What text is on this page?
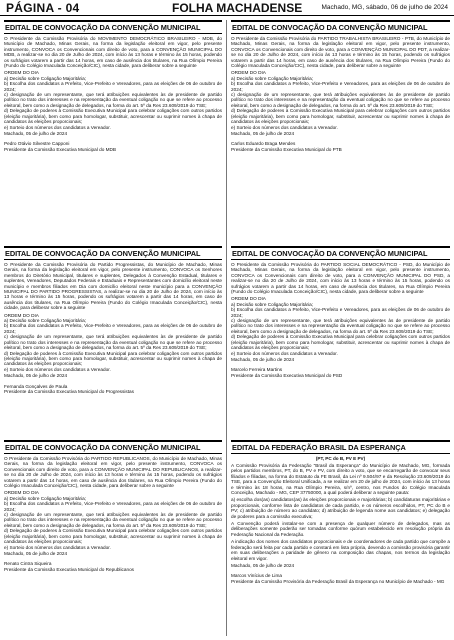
PÁGINA - 04	FOLHA MACHADENSE	Machado, MG, sábado, 06 de julho de 2024
EDITAL DE CONVOCAÇÃO DA CONVENÇÃO MUNICIPAL

O Presidente da Comissão Provisória do MOVIMENTO DEMOCRÁTICO BRASILEIRO - MDB, do Município de Machado, Minas Gerais, na forma da legislação eleitoral em vigor, pelo presente instrumento, CONVOCA os Convencionais com direito de voto, para a CONVENÇÃO MUNICIPAL DO MDB, a realizar-se no dia 20 de Julho de 2024, com início às 13 horas e término às 15 horas, podendo os sufrágios votarem a partir das 14 horas, em caso de ausência dos titulares, na Rua Olímpio Pereira (Fundo do Colégio Imaculada Conceição/CIC), nesta cidade, para deliberar sobre a seguinte

ORDEM DO DIA

a) Decisão sobre Coligação Majoritária;

b) Escolha dos candidatos a Prefeito, Vice-Prefeito e Vereadores, para as eleições de 06 de outubro de 2024;

c) designação de um representante, que terá atribuições equivalentes às de presidente de partido político no trato dos interesses e na representação da eventual coligação no que se refere ao processo eleitoral, bem como a designação de delegados, na forma do art. 5º da Res 23.609/2019 do TSE;

d) Delegação de poderes à Comissão Executiva Municipal para celebrar coligações com outros partidos (eleição majoritária), bem como para homologar, substituir, acrescentar ou suprimir nomes à chapa de candidatos às eleições proporcionais;

e) Sorteio dos números dos candidatos a Vereador.

Machado, 05 de julho de 2024

Pedro Otávio Silvestre Capponi

Presidente da Comissão Executiva Municipal do MDB

EDITAL DE CONVOCAÇÃO DA CONVENÇÃO MUNICIPAL

O Presidente da Comissão Provisória do PARTIDO TRABALHISTA BRASILEIRO - PTB, do Município de Machado, Minas Gerais, na forma da legislação eleitoral em vigor, pelo presente instrumento, CONVOCA os Convencionais com direito de voto, para a CONVENÇÃO MUNICIPAL DO PDT, a realizar-se no dia 20 de Julho de 2024, com início às 13 horas e término às 15 horas, podendo os sufrágios votarem a partir das 14 horas, em caso de ausência dos titulares, na Rua Olímpio Pereira (Fundo do Colégio Imaculada Conceição/CIC), nesta cidade, para deliberar sobre a seguinte

ORDEM DO DIA

a) Decisão sobre Coligação Majoritária;

b) Escolha dos candidatos a Prefeito, Vice-Prefeito e Vereadores, para as eleições de 06 de outubro de 2024;

c) designação de um representante, que terá atribuições equivalentes às de presidente de partido político no trato dos interesses e na representação da eventual coligação no que se refere ao processo eleitoral, bem como a designação de delegados, na forma do art. 5º da Res 23.609/2019 do TSE;

d) Delegação de poderes à Comissão Executiva Municipal para celebrar coligações com outros partidos (eleição majoritária), bem como para homologar, substituir, acrescentar ou suprimir nomes à chapa de candidatos às eleições proporcionais;

e) Sorteio dos números dos candidatos a Vereador.

Machado, 05 de julho de 2024

Carlos Eduardo Braga Mendes

Presidente da Comissão Executiva Municipal do PTB

EDITAL DE CONVOCAÇÃO DA CONVENÇÃO MUNICIPAL

O Presidente da Comissão Provisória do Partido Progressistas, do Município de Machado, Minas Gerais, na forma da legislação eleitoral em vigor, pelo presente instrumento, CONVOCA os Senhores membros do Diretório Municipal, titulares e suplentes, Delegados à Convenção Estadual, titulares e suplentes, Vereadores, Deputados Federais e Estaduais e Representantes com domicílio eleitoral neste município e membros filiados em Dia com domicílio eleitoral neste município para a CONVENÇÃO MUNICIPAL DO PARTIDO PROGRESSISTAS, a realizar-se no dia 20 de Julho de 2024, com início às 13 horas e término às 15 horas, podendo os sufrágios votarem a partir das 14 horas, em caso de ausência dos titulares, na Rua Olímpio Pereira (Fundo do Colégio Imaculada Conceição/CIC), nesta cidade, para deliberar sobre a seguinte

ORDEM DO DIA

a) Decisão sobre Coligação Majoritária;

b) Escolha dos candidatos a Prefeito, Vice-Prefeito e Vereadores, para as eleições de 06 de outubro de 2024;

c) designação de um representante, que terá atribuições equivalentes às de presidente de partido político no trato dos interesses e na representação da eventual coligação no que se refere ao processo eleitoral, bem como a designação de delegados, na forma do art. 5º da Res 23.609/2019 do TSE;

d) Delegação de poderes à Comissão Executiva Municipal para celebrar coligações com outros partidos (eleição majoritária), bem como para homologar, substituir, acrescentar ou suprimir nomes à chapa de candidatos às eleições proporcionais;

e) Sorteio dos números dos candidatos a Vereador.

Machado, 05 de julho de 2024

Fernanda Gonçalves de Paula

Presidente da Comissão Executiva Municipal do Progressistas

EDITAL DE CONVOCAÇÃO DA CONVENÇÃO MUNICIPAL

O Presidente da Comissão Provisória do PARTIDO SOCIAL DEMOCRÁTICO - PSD, do Município de Machado, Minas Gerais, na forma da legislação eleitoral em vigor, pelo presente instrumento, CONVOCA os Convencionais com direito de voto, para a CONVENÇÃO MUNICIPAL DO PSD, a realizar-se no dia 20 de Julho de 2024, com início às 13 horas e término às 15 horas, podendo os sufrágios votarem a partir das 14 horas, em caso de ausência dos titulares, na Rua Olímpio Pereira (Fundo do Colégio Imaculada Conceição/CIC), nesta cidade, para deliberar sobre a seguinte

ORDEM DO DIA

a) Decisão sobre Coligação Majoritária;

b) Escolha dos candidatos a Prefeito, Vice-Prefeito e Vereadores, para as eleições de 06 de outubro de 2024;

c) designação de um representante, que terá atribuições equivalentes às de presidente de partido político no trato dos interesses e na representação da eventual coligação no que se refere ao processo eleitoral, bem como a designação de delegados, na forma do art. 5º da Res 23.609/2019 do TSE;

d) Delegação de poderes à Comissão Executiva Municipal para celebrar coligações com outros partidos (eleição majoritária), bem como para homologar, substituir, acrescentar ou suprimir nomes à chapa de candidatos às eleições proporcionais;

e) Sorteio dos números dos candidatos a Vereador.

Machado, 05 de julho de 2024

Marcelo Ferreira Martins

Presidente da Comissão Executiva Municipal do PSD

EDITAL DE CONVOCAÇÃO DA CONVENÇÃO MUNICIPAL

O Presidente da Comissão Provisória do PARTIDO REPUBLICANOS, do Município de Machado, Minas Gerais, na forma da legislação eleitoral em vigor, pelo presente instrumento, CONVOCA os Convencionais com direito de voto, para a CONVENÇÃO MUNICIPAL DO REPUBLICANOS, a realizar-se no dia 20 de Julho de 2024, com início às 13 horas e término às 15 horas, podendo os sufrágios votarem a partir das 14 horas, em caso de ausência dos titulares, na Rua Olímpio Pereira (Fundo do Colégio Imaculada Conceição/CIC), nesta cidade, para deliberar sobre a seguinte

ORDEM DO DIA

a) Decisão sobre Coligação Majoritária;

b) Escolha dos candidatos a Prefeito, Vice-Prefeito e Vereadores, para as eleições de 06 de outubro de 2024;

c) designação de um representante, que terá atribuições equivalentes às de presidente de partido político no trato dos interesses e na representação da eventual coligação no que se refere ao processo eleitoral, bem como a designação de delegados, na forma do art. 5º da Res 23.609/2019 do TSE;

d) Delegação de poderes à Comissão Executiva Municipal para celebrar coligações com outros partidos (eleição majoritária), bem como para homologar, substituir, acrescentar ou suprimir nomes à chapa de candidatos às eleições proporcionais;

e) Sorteio dos números dos candidatos a Vereador.

Machado, 05 de julho de 2024

Renato Cintra Siqueira

Presidente da Comissão Executiva Municipal do Republicanos

EDITAL DA FEDERAÇÃO BRASIL DA ESPERANÇA

(PT, PC do B, PV E PV)

A Comissão Provisória da Federação "Brasil da Esperança" do Município de Machado, MG, formada pelos partidos membros, PT, do B, PV e PV, com direito a voto, que se encarregarão de convocar seus filiados e filiadas, na forma do Estatuto da FE Brasil, da Lei nº 9.504/97 e da Resolução 23.609/2019 do TSE, para a Convenção Eleitoral Unificada, a se realizar em 20 de julho de 2024, com início às 13 horas e término às 18 horas, na Rua Olímpio Pereira, s/nº, centro, nos Fundos do Colégio Imaculada Conceição, Machado - MG, CEP 37750000, a qual poderá deliberar a seguinte pauta:

a) escolha dos(as) candidatos(as) às eleições proporcionais e majoritárias; b) candidaturas majoritárias e proporcionais, conforme lista de candidatos de cada partido, e os números escolhidos, PT, PC do B e PV; c) atribuição de número ao candidato; d) atribuição de legenda nome aos candidatos; e) delegação de poderes para a comissão executiva;

A Convenção poderá instalar-se com a presença de qualquer número de delegados, mas as deliberações somente poderão ser tomadas conforme quórum estabelecido em resolução própria da Federação Nacional da Federação.

A indicação dos nomes dos candidatos proporcionais e de coordenadores de cada partido que compõe a federação será feita por cada partido e constará em lista própria, devendo a comissão provisória garantir em suas deliberações a paridade de gênero na composição das chapas, nos termos da legislação eleitoral em vigor.

Machado, 05 de julho de 2024

Marcos Vinícius de Lima

Presidente da Comissão Provisória da Federação Brasil da Esperança no Município de Machado - MG
